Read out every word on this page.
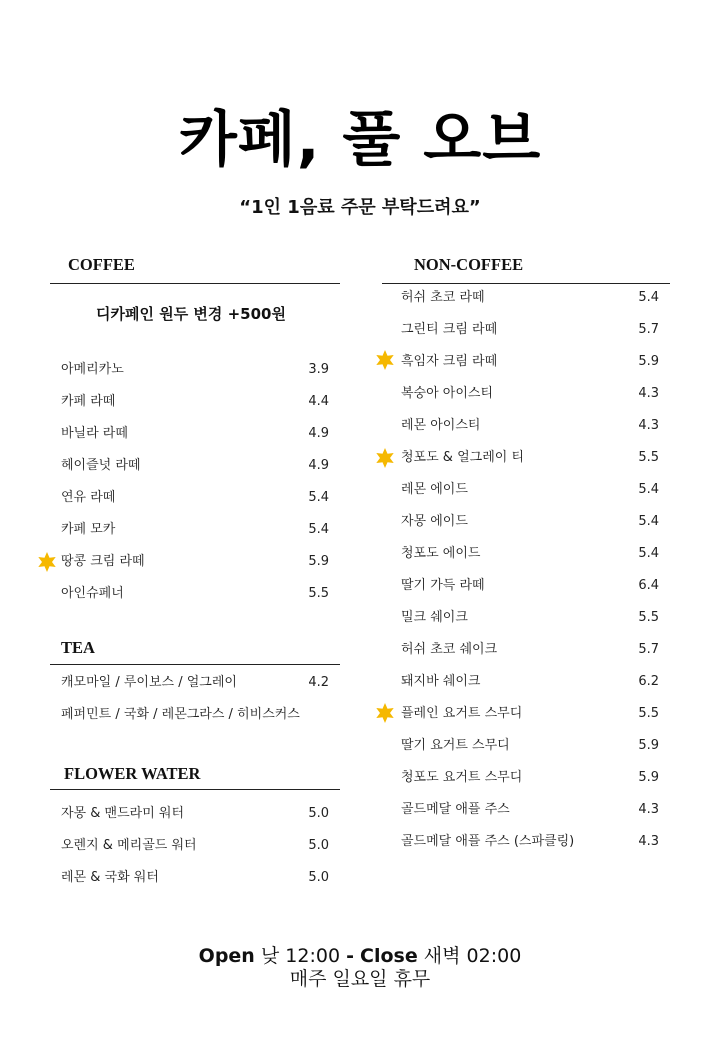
카페, 풀 오브
“1인 1음료 주문 부탁드려요”
COFFEE
디카페인 원두 변경 +500원
아메리카노	3.9
카페 라떼	4.4
바닐라 라떼	4.9
헤이즐넛 라떼	4.9
연유 라떼	5.4
카페 모카	5.4
땅콩 크림 라떼	5.9
아인슈페너	5.5
TEA
캐모마일 / 루이보스 / 얼그레이	4.2
페퍼민트 / 국화 / 레몬그라스 / 히비스커스
FLOWER WATER
자몽 & 맨드라미 워터	5.0
오렌지 & 메리골드 워터	5.0
레몬 & 국화 워터	5.0
NON-COFFEE
허쉬 초코 라떼	5.4
그린티 크림 라떼	5.7
흑임자 크림 라떼	5.9
복숭아 아이스티	4.3
레몬 아이스티	4.3
청포도 & 얼그레이 티	5.5
레몬 에이드	5.4
자몽 에이드	5.4
청포도 에이드	5.4
딸기 가득 라떼	6.4
밀크 쉐이크	5.5
허쉬 초코 쉐이크	5.7
돼지바 쉐이크	6.2
플레인 요거트 스무디	5.5
딸기 요거트 스무디	5.9
청포도 요거트 스무디	5.9
골드메달 애플 주스	4.3
골드메달 애플 주스 (스파클링)	4.3
Open 낮 12:00 - Close 새벽 02:00
매주 일요일 휴무
